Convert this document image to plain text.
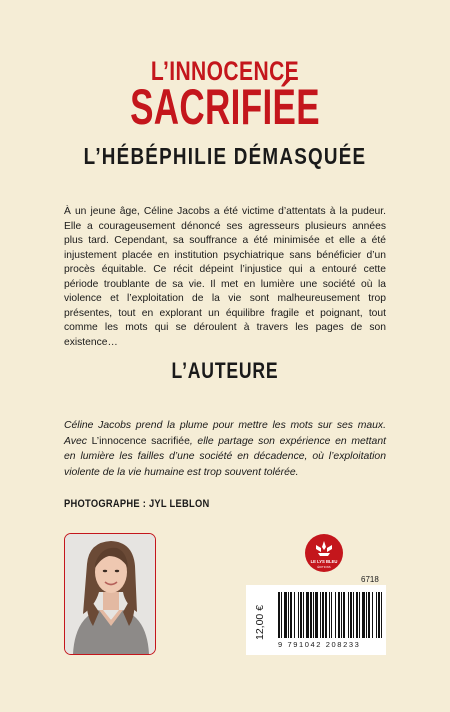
L’INNOCENCE
SACRIFIÉE
L’HÉBÉPHILIE DÉMASQUÉE

À un jeune âge, Céline Jacobs a été victime d’attentats à la pudeur. Elle a courageusement dénoncé ses agresseurs plusieurs années plus tard. Cependant, sa souffrance a été minimisée et elle a été injustement placée en institution psychiatrique sans bénéficier d’un procès équitable. Ce récit dépeint l’injustice qui a entouré cette période troublante de sa vie. Il met en lumière une société où la violence et l’exploitation de la vie sont malheureusement trop présentes, tout en explorant un équilibre fragile et poignant, tout comme les mots qui se déroulent à travers les pages de son existence…

L’AUTEURE

Céline Jacobs prend la plume pour mettre les mots sur ses maux. Avec L’innocence sacrifiée, elle partage son expérience en mettant en lumière les failles d’une société en décadence, où l’exploitation violente de la vie humaine est trop souvent tolérée.

PHOTOGRAPHE : JYL LEBLON
LE LYS BLEU
ÉDITIONS
6718
12,00 €
9 791042 208233
